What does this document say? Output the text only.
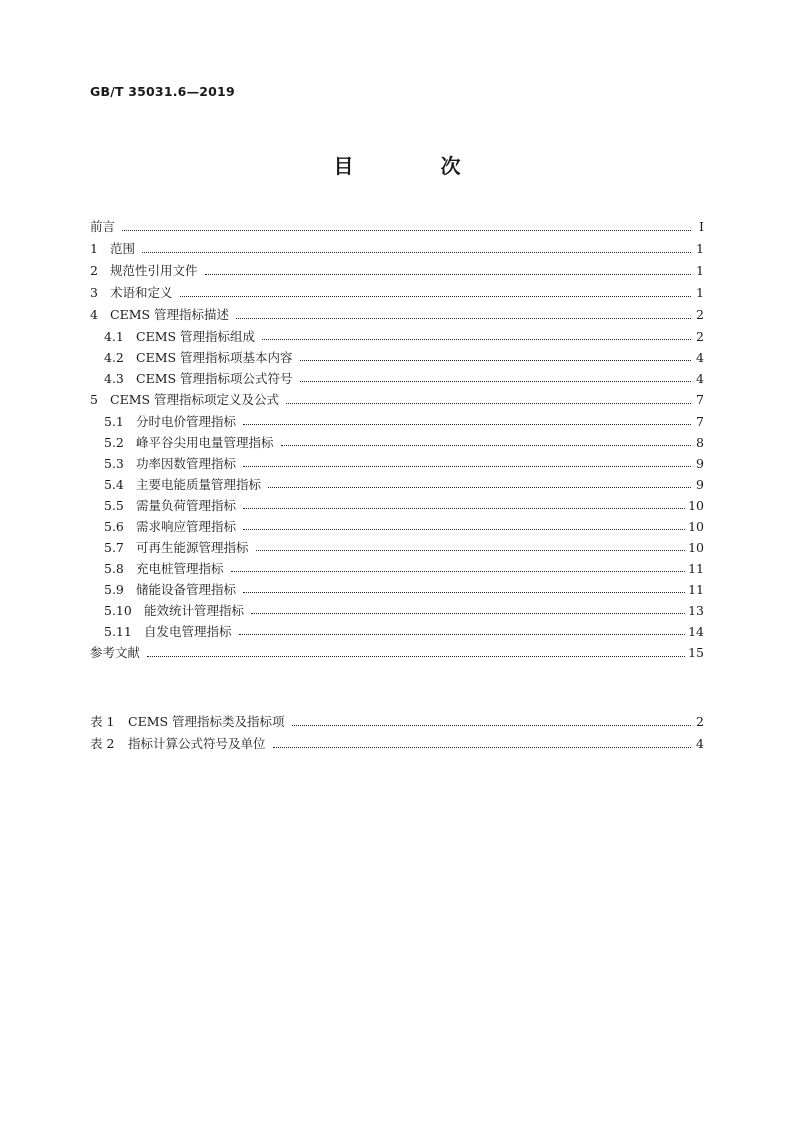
GB/T 35031.6—2019
目 次
前言	Ⅰ
1 范围	1
2 规范性引用文件	1
3 术语和定义	1
4 CEMS 管理指标描述	2
4.1 CEMS 管理指标组成	2
4.2 CEMS 管理指标项基本内容	4
4.3 CEMS 管理指标项公式符号	4
5 CEMS 管理指标项定义及公式	7
5.1 分时电价管理指标	7
5.2 峰平谷尖用电量管理指标	8
5.3 功率因数管理指标	9
5.4 主要电能质量管理指标	9
5.5 需量负荷管理指标	10
5.6 需求响应管理指标	10
5.7 可再生能源管理指标	10
5.8 充电桩管理指标	11
5.9 储能设备管理指标	11
5.10 能效统计管理指标	13
5.11 自发电管理指标	14
参考文献	15
表 1	CEMS 管理指标类及指标项	2
表 2	指标计算公式符号及单位	4
